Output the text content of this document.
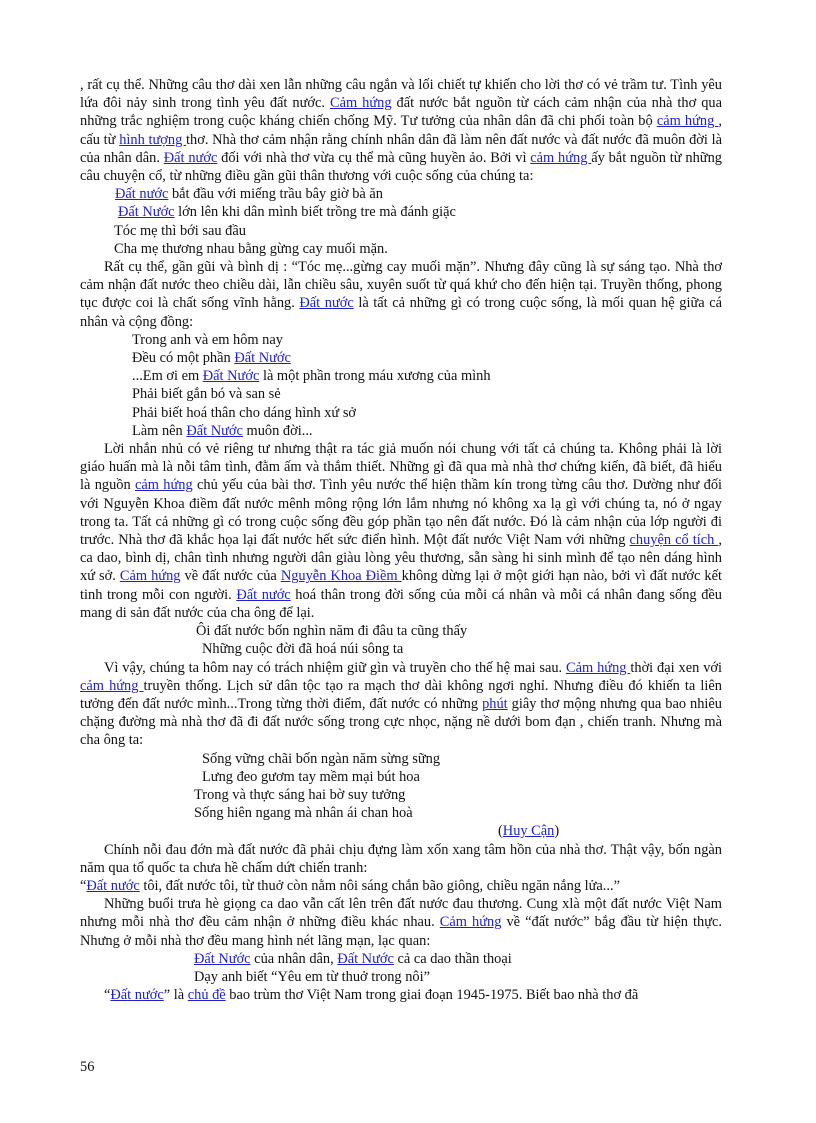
, rất cụ thể. Những câu thơ dài xen lẫn những câu ngắn và lối chiết tự khiến cho lời thơ có vẻ trầm tư. Tình yêu lứa đôi nảy sinh trong tình yêu đất nước. Cảm hứng đất nước bắt nguồn từ cách cảm nhận của nhà thơ qua những trắc nghiệm trong cuộc kháng chiến chống Mỹ. Tư tưởng của nhân dân đã chi phối toàn bộ cảm hứng , cấu từ hình tượng thơ. Nhà thơ cảm nhận rằng chính nhân dân đã làm nên đất nước và đất nước đã muôn đời là của nhân dân. Đất nước đối với nhà thơ vừa cụ thể mà cũng huyền ảo. Bởi vì cảm hứng ấy bắt nguồn từ những câu chuyện cổ, từ những điều gần gũi thân thương với cuộc sống của chúng ta:
Đất nước bắt đầu với miếng trầu bây giờ bà ăn
Đất Nước lớn lên khi dân mình biết trồng tre mà đánh giặc
Tóc mẹ thì bới sau đầu
Cha mẹ thương nhau bằng gừng cay muối mặn.
Rất cụ thể, gần gũi và bình dị : “Tóc mẹ...gừng cay muối mặn”. Nhưng đây cũng là sự sáng tạo. Nhà thơ cảm nhận đất nước theo chiều dài, lẫn chiều sâu, xuyên suốt từ quá khứ cho đến hiện tại. Truyền thống, phong tục được coi là chất sống vĩnh hằng. Đất nước là tất cả những gì có trong cuộc sống, là mối quan hệ giữa cá nhân và cộng đồng:
Trong anh và em hôm nay
Đều có một phần Đất Nước
...Em ơi em Đất Nước là một phần trong máu xương của mình
Phải biết gắn bó và san sẻ
Phải biết hoá thân cho dáng hình xứ sở
Làm nên Đất Nước muôn đời...
Lời nhắn nhủ có vẻ riêng tư nhưng thật ra tác giả muốn nói chung với tất cả chúng ta. Không phải là lời giáo huấn mà là nỗi tâm tình, đằm ấm và thắm thiết. Những gì đã qua mà nhà thơ chứng kiến, đã biết, đã hiểu là nguồn cảm hứng chủ yếu của bài thơ. Tình yêu nước thể hiện thầm kín trong từng câu thơ. Dường như đối với Nguyễn Khoa điềm đất nước mênh mông rộng lớn lắm nhưng nó không xa lạ gì với chúng ta, nó ở ngay trong ta. Tất cả những gì có trong cuộc sống đều góp phần tạo nên đất nước. Đó là cảm nhận của lớp người đi trước. Nhà thơ đã khắc họa lại đất nước hết sức điển hình. Một đất nước Việt Nam với những chuyện cổ tích , ca dao, bình dị, chân tình nhưng người dân giàu lòng yêu thương, sẵn sàng hi sinh mình để tạo nên dáng hình xứ sở. Cảm hứng về đất nước của Nguyễn Khoa Điềm không dừng lại ở một giới hạn nào, bởi vì đất nước kết tinh trong mỗi con người. Đất nước hoá thân trong đời sống của mỗi cá nhân và mỗi cá nhân đang sống đều mang di sản đất nước của cha ông để lại.
Ôi đất nước bốn nghìn năm đi đâu ta cũng thấy
Những cuộc đời đã hoá núi sông ta
Vì vậy, chúng ta hôm nay có trách nhiệm giữ gìn và truyền cho thế hệ mai sau. Cảm hứng thời đại xen với cảm hứng truyền thống. Lịch sử dân tộc tạo ra mạch thơ dài không ngơi nghỉ. Nhưng điều đó khiến ta liên tưởng đến đất nước mình...Trong từng thời điểm, đất nước có những phút giây thơ mộng nhưng qua bao nhiêu chặng đường mà nhà thơ đã đi đất nước sống trong cực nhọc, nặng nề dưới bom đạn , chiến tranh. Nhưng mà cha ông ta:
Sống vững chãi bốn ngàn năm sừng sững
Lưng đeo gươm tay mềm mại bút hoa
Trong và thực sáng hai bờ suy tưởng
Sống hiên ngang mà nhân ái chan hoà
(Huy Cận)
Chính nỗi đau đớn mà đất nước đã phải chịu đựng làm xốn xang tâm hồn của nhà thơ. Thật vậy, bốn ngàn năm qua tổ quốc ta chưa hề chấm dứt chiến tranh:
“Đất nước tôi, đất nước tôi, từ thuở còn nằm nôi sáng chắn bão giông, chiều ngăn nắng lửa...”
Những buổi trưa hè giọng ca dao vẫn cất lên trên đất nước đau thương. Cung xlà một đất nước Việt Nam nhưng mỗi nhà thơ đều cảm nhận ở những điều khác nhau. Cảm hứng về “đất nước” bắg đầu từ hiện thực. Nhưng ở mỗi nhà thơ đều mang hình nét lãng mạn, lạc quan:
Đất Nước của nhân dân, Đất Nước cả ca dao thần thoại
Dạy anh biết “Yêu em từ thuở trong nôi”
“Đất nước” là chủ đề bao trùm thơ Việt Nam trong giai đoạn 1945-1975. Biết bao nhà thơ đã
56
